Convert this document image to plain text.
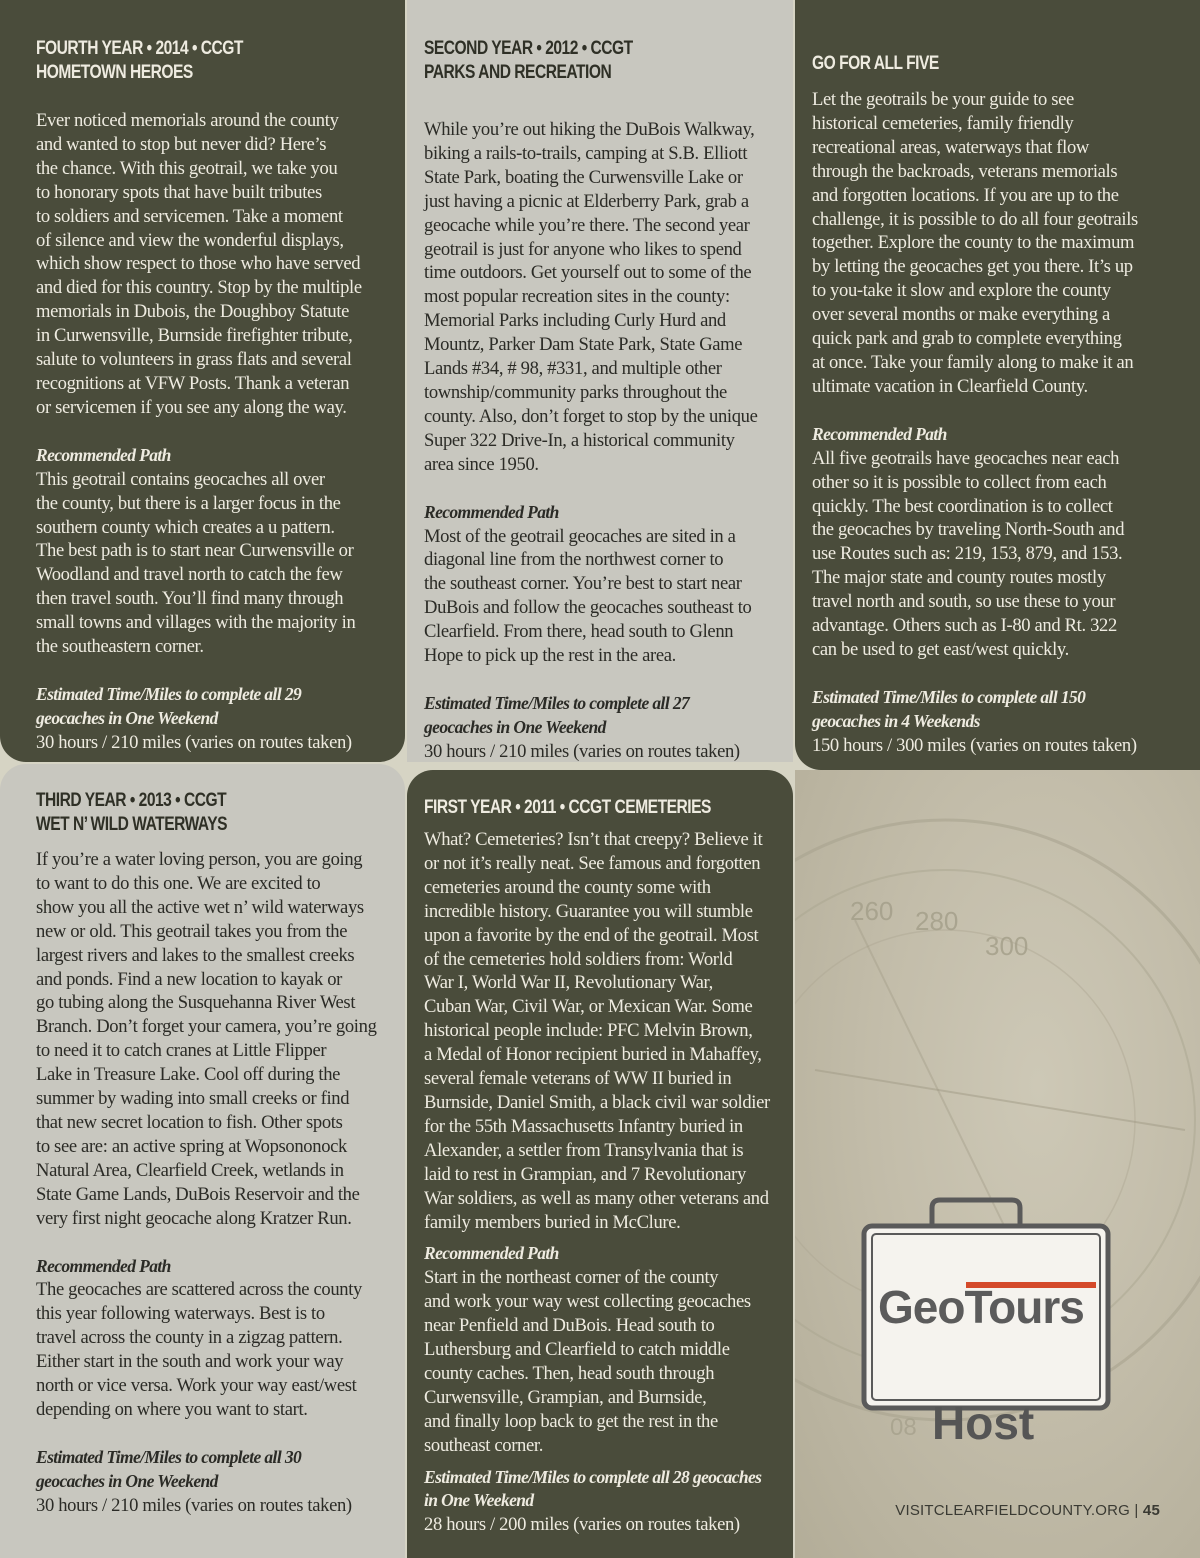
260 280
300
08
FOURTH YEAR • 2014 • CCGT
HOMETOWN HEROES
Ever noticed memorials around the county
and wanted to stop but never did? Here’s
the chance. With this geotrail, we take you
to honorary spots that have built tributes
to soldiers and servicemen. Take a moment
of silence and view the wonderful displays,
which show respect to those who have served
and died for this country. Stop by the multiple
memorials in Dubois, the Doughboy Statute
in Curwensville, Burnside firefighter tribute,
salute to volunteers in grass flats and several
recognitions at VFW Posts. Thank a veteran
or servicemen if you see any along the way.
Recommended Path
This geotrail contains geocaches all over
the county, but there is a larger focus in the
southern county which creates a u pattern.
The best path is to start near Curwensville or
Woodland and travel north to catch the few
then travel south. You’ll find many through
small towns and villages with the majority in
the southeastern corner.
Estimated Time/Miles to complete all 29
geocaches in One Weekend
30 hours / 210 miles (varies on routes taken)
SECOND YEAR • 2012 • CCGT
PARKS AND RECREATION
While you’re out hiking the DuBois Walkway,
biking a rails-to-trails, camping at S.B. Elliott
State Park, boating the Curwensville Lake or
just having a picnic at Elderberry Park, grab a
geocache while you’re there. The second year
geotrail is just for anyone who likes to spend
time outdoors. Get yourself out to some of the
most popular recreation sites in the county:
Memorial Parks including Curly Hurd and
Mountz, Parker Dam State Park, State Game
Lands #34, # 98, #331, and multiple other
township/community parks throughout the
county. Also, don’t forget to stop by the unique
Super 322 Drive-In, a historical community
area since 1950.
Recommended Path
Most of the geotrail geocaches are sited in a
diagonal line from the northwest corner to
the southeast corner. You’re best to start near
DuBois and follow the geocaches southeast to
Clearfield. From there, head south to Glenn
Hope to pick up the rest in the area.
Estimated Time/Miles to complete all 27
geocaches in One Weekend
30 hours / 210 miles (varies on routes taken)
GO FOR ALL FIVE
Let the geotrails be your guide to see
historical cemeteries, family friendly
recreational areas, waterways that flow
through the backroads, veterans memorials
and forgotten locations. If you are up to the
challenge, it is possible to do all four geotrails
together. Explore the county to the maximum
by letting the geocaches get you there. It’s up
to you-take it slow and explore the county
over several months or make everything a
quick park and grab to complete everything
at once. Take your family along to make it an
ultimate vacation in Clearfield County.
Recommended Path
All five geotrails have geocaches near each
other so it is possible to collect from each
quickly. The best coordination is to collect
the geocaches by traveling North-South and
use Routes such as: 219, 153, 879, and 153.
The major state and county routes mostly
travel north and south, so use these to your
advantage. Others such as I-80 and Rt. 322
can be used to get east/west quickly.
Estimated Time/Miles to complete all 150
geocaches in 4 Weekends
150 hours / 300 miles (varies on routes taken)
THIRD YEAR • 2013 • CCGT
WET N’ WILD WATERWAYS
If you’re a water loving person, you are going
to want to do this one. We are excited to
show you all the active wet n’ wild waterways
new or old. This geotrail takes you from the
largest rivers and lakes to the smallest creeks
and ponds. Find a new location to kayak or
go tubing along the Susquehanna River West
Branch. Don’t forget your camera, you’re going
to need it to catch cranes at Little Flipper
Lake in Treasure Lake. Cool off during the
summer by wading into small creeks or find
that new secret location to fish. Other spots
to see are: an active spring at Wopsononock
Natural Area, Clearfield Creek, wetlands in
State Game Lands, DuBois Reservoir and the
very first night geocache along Kratzer Run.
Recommended Path
The geocaches are scattered across the county
this year following waterways. Best is to
travel across the county in a zigzag pattern.
Either start in the south and work your way
north or vice versa. Work your way east/west
depending on where you want to start.
Estimated Time/Miles to complete all 30
geocaches in One Weekend
30 hours / 210 miles (varies on routes taken)
FIRST YEAR • 2011 • CCGT CEMETERIES
What? Cemeteries? Isn’t that creepy? Believe it
or not it’s really neat. See famous and forgotten
cemeteries around the county some with
incredible history. Guarantee you will stumble
upon a favorite by the end of the geotrail. Most
of the cemeteries hold soldiers from: World
War I, World War II, Revolutionary War,
Cuban War, Civil War, or Mexican War. Some
historical people include: PFC Melvin Brown,
a Medal of Honor recipient buried in Mahaffey,
several female veterans of WW II buried in
Burnside, Daniel Smith, a black civil war soldier
for the 55th Massachusetts Infantry buried in
Alexander, a settler from Transylvania that is
laid to rest in Grampian, and 7 Revolutionary
War soldiers, as well as many other veterans and
family members buried in McClure.
Recommended Path
Start in the northeast corner of the county
and work your way west collecting geocaches
near Penfield and DuBois. Head south to
Luthersburg and Clearfield to catch middle
county caches. Then, head south through
Curwensville, Grampian, and Burnside,
and finally loop back to get the rest in the
southeast corner.
Estimated Time/Miles to complete all 28 geocaches
in One Weekend
28 hours / 200 miles (varies on routes taken)
GeoTours
Host
VISITCLEARFIELDCOUNTY.ORG | 45
